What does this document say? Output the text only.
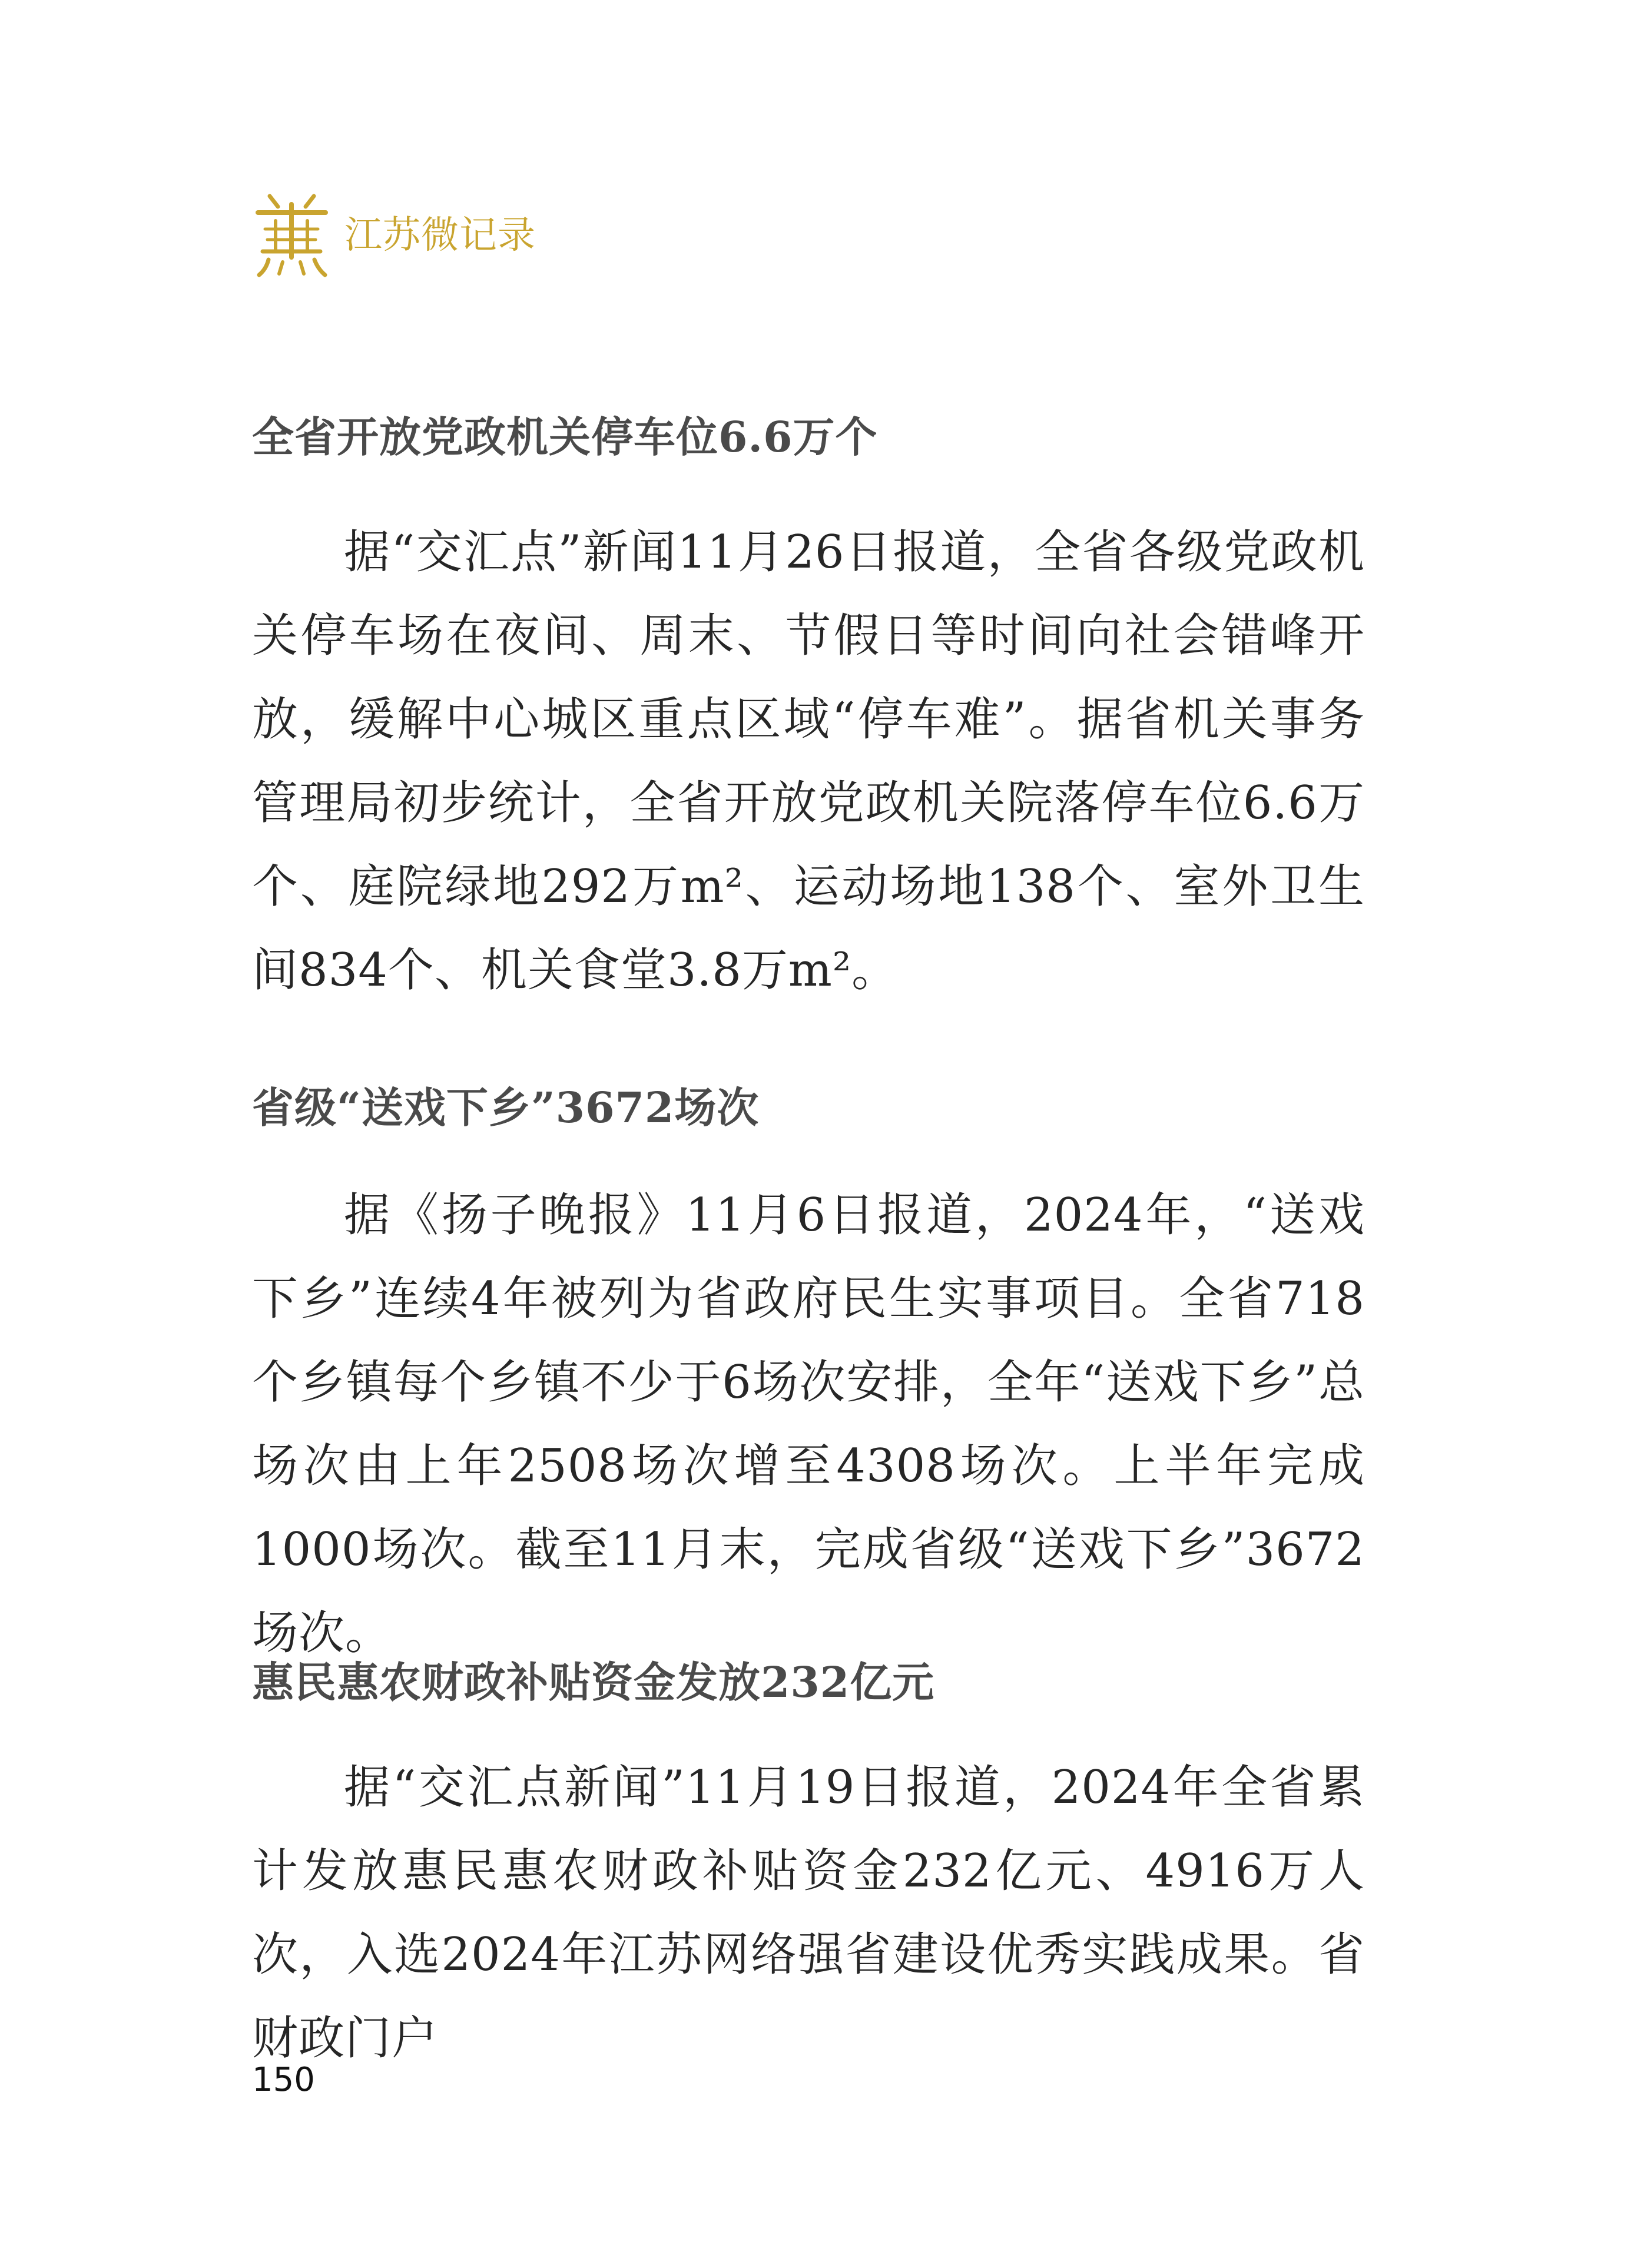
江苏微记录
全省开放党政机关停车位6.6万个

据“交汇点”新闻11月26日报道，全省各级党政机关停车场在夜间、周末、节假日等时间向社会错峰开放，缓解中心城区重点区域“停车难”。据省机关事务管理局初步统计，全省开放党政机关院落停车位6.6万个、庭院绿地292万m²、运动场地138个、室外卫生间834个、机关食堂3.8万m²。

省级“送戏下乡”3672场次

据《扬子晚报》11月6日报道，2024年，“送戏下乡”连续4年被列为省政府民生实事项目。全省718个乡镇每个乡镇不少于6场次安排，全年“送戏下乡”总场次由上年2508场次增至4308场次。上半年完成1000场次。截至11月末，完成省级“送戏下乡”3672场次。

惠民惠农财政补贴资金发放232亿元

据“交汇点新闻”11月19日报道，2024年全省累计发放惠民惠农财政补贴资金232亿元、4916万人次，入选2024年江苏网络强省建设优秀实践成果。省财政门户

150
